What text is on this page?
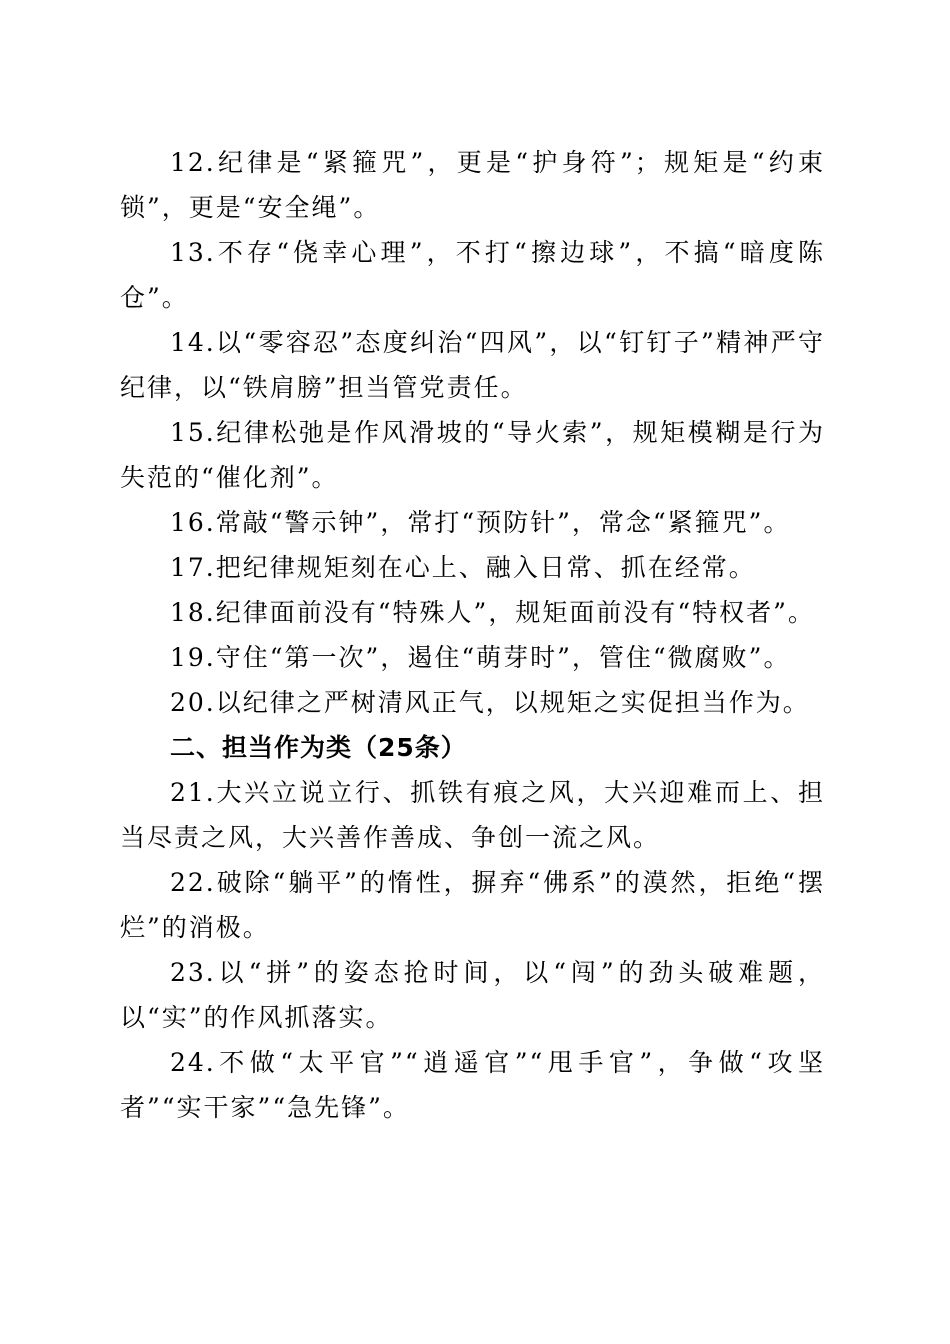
12.纪律是“紧箍咒”，更是“护身符”；规矩是“约束锁”，更是“安全绳”。

13.不存“侥幸心理”，不打“擦边球”，不搞“暗度陈仓”。

14.以“零容忍”态度纠治“四风”，以“钉钉子”精神严守纪律，以“铁肩膀”担当管党责任。

15.纪律松弛是作风滑坡的“导火索”，规矩模糊是行为失范的“催化剂”。

16.常敲“警示钟”，常打“预防针”，常念“紧箍咒”。

17.把纪律规矩刻在心上、融入日常、抓在经常。

18.纪律面前没有“特殊人”，规矩面前没有“特权者”。

19.守住“第一次”，遏住“萌芽时”，管住“微腐败”。

20.以纪律之严树清风正气，以规矩之实促担当作为。

二、担当作为类（25条）

21.大兴立说立行、抓铁有痕之风，大兴迎难而上、担当尽责之风，大兴善作善成、争创一流之风。

22.破除“躺平”的惰性，摒弃“佛系”的漠然，拒绝“摆烂”的消极。

23.以“拼”的姿态抢时间，以“闯”的劲头破难题，以“实”的作风抓落实。

24.不做“太平官”“逍遥官”“甩手官”，争做“攻坚者”“实干家”“急先锋”。
